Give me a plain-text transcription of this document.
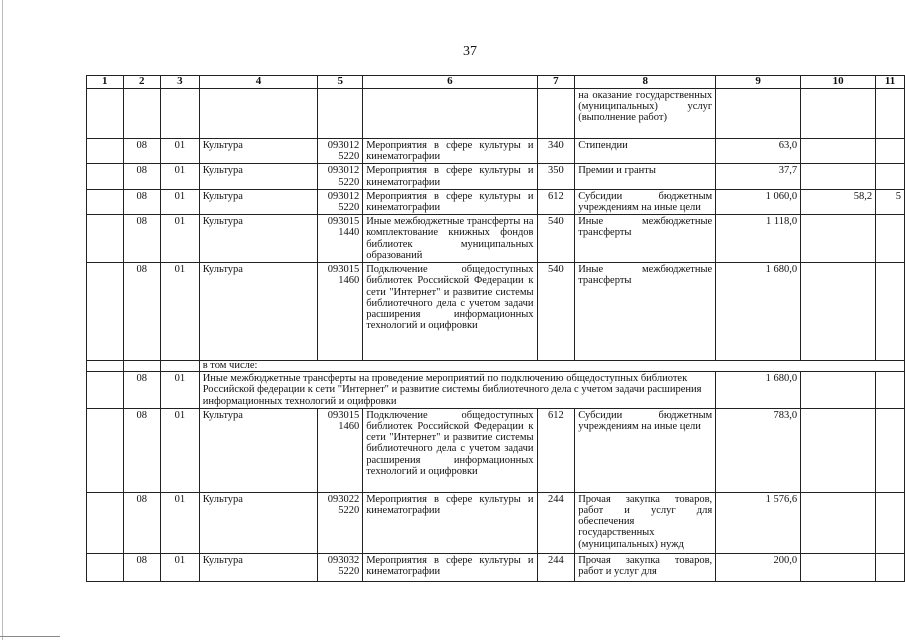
37
1	2	3	4	5	6	7	8	9	10	11
							на оказание государственных (муниципальных) услуг (выполнение работ)			
	08	01	Культура	093012 5220	Мероприятия в сфере культуры и кинематографии	340	Стипендии	63,0		
	08	01	Культура	093012 5220	Мероприятия в сфере культуры и кинематографии	350	Премии и гранты	37,7		
	08	01	Культура	093012 5220	Мероприятия в сфере культуры и кинематографии	612	Субсидии бюджетным учреждениям на иные цели	1 060,0	58,2	5
	08	01	Культура	093015 1440	Иные межбюджетные трансферты на комплектование книжных фондов библиотек муниципальных образований	540	Иные межбюджетные трансферты	1 118,0		
	08	01	Культура	093015 1460	Подключение общедоступных библиотек Российской Федерации к сети "Интернет" и развитие системы библиотечного дела с учетом задачи расширения информационных технологий и оцифровки	540	Иные межбюджетные трансферты	1 680,0		
			в том числе:							
	08	01	Иные межбюджетные трансферты на проведение мероприятий по подключению общедоступных библиотек Российской федерации к сети "Интернет" и развитие системы библиотечного дела с учетом задачи расширения информационных технологий и оцифровки					1 680,0		
	08	01	Культура	093015 1460	Подключение общедоступных библиотек Российской Федерации к сети "Интернет" и развитие системы библиотечного дела с учетом задачи расширения информационных технологий и оцифровки	612	Субсидии бюджетным учреждениям на иные цели	783,0		
	08	01	Культура	093022 5220	Мероприятия в сфере культуры и кинематографии	244	Прочая закупка товаров, работ и услуг для обеспечения государственных (муниципальных) нужд	1 576,6		
	08	01	Культура	093032 5220	Мероприятия в сфере культуры и кинематографии	244	Прочая закупка товаров, работ и услуг для	200,0		
